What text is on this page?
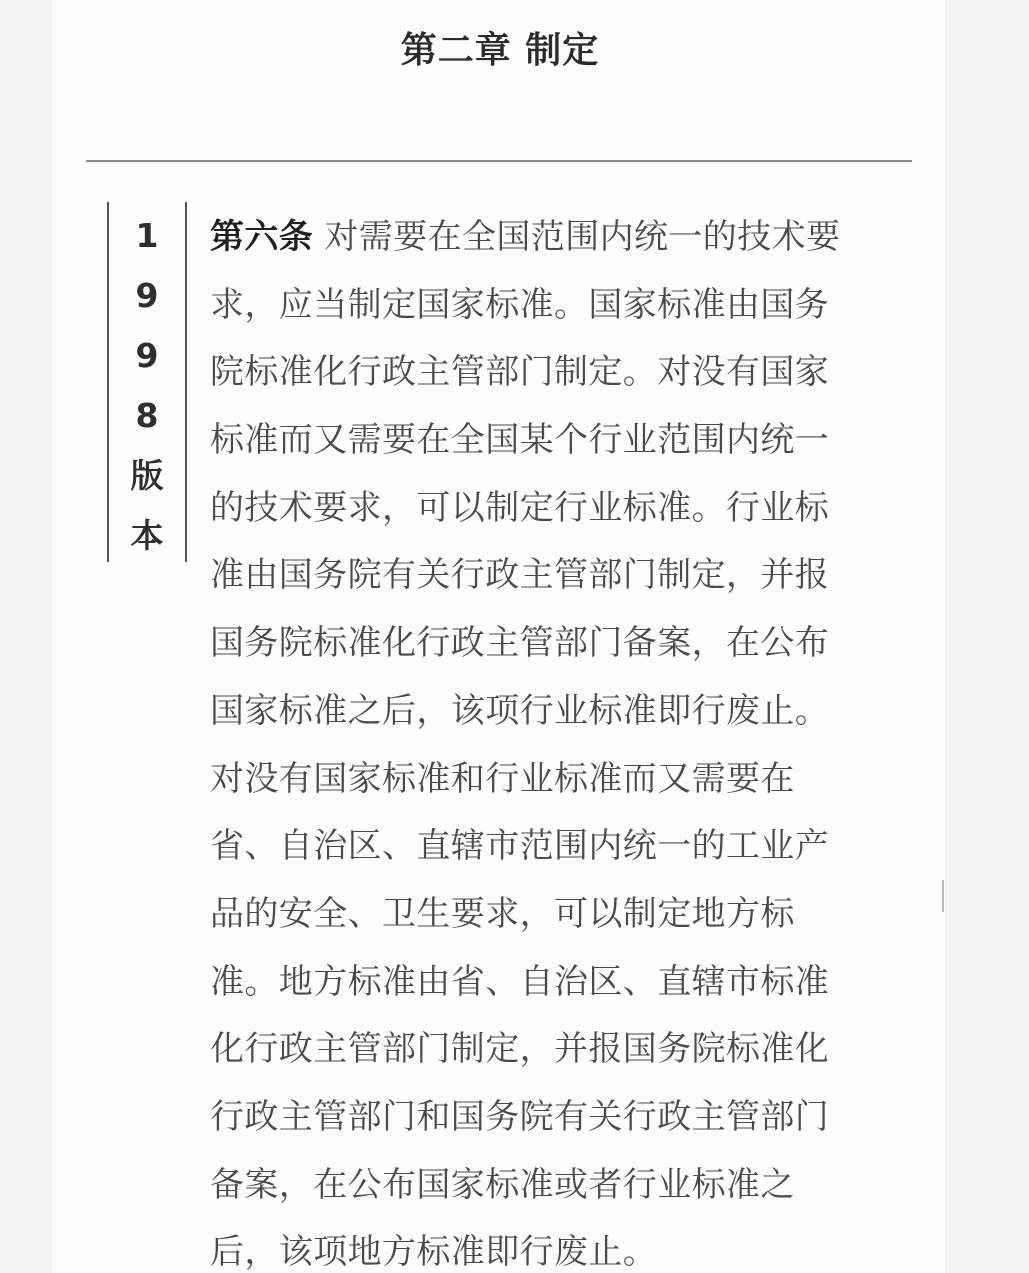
第二章 制定
1
9
9
8
版
本
第六条 对需要在全国范围内统一的技术要
求，应当制定国家标准。国家标准由国务
院标准化行政主管部门制定。对没有国家
标准而又需要在全国某个行业范围内统一
的技术要求，可以制定行业标准。行业标
准由国务院有关行政主管部门制定，并报
国务院标准化行政主管部门备案，在公布
国家标准之后，该项行业标准即行废止。
对没有国家标准和行业标准而又需要在
省、自治区、直辖市范围内统一的工业产
品的安全、卫生要求，可以制定地方标
准。地方标准由省、自治区、直辖市标准
化行政主管部门制定，并报国务院标准化
行政主管部门和国务院有关行政主管部门
备案，在公布国家标准或者行业标准之
后，该项地方标准即行废止。
